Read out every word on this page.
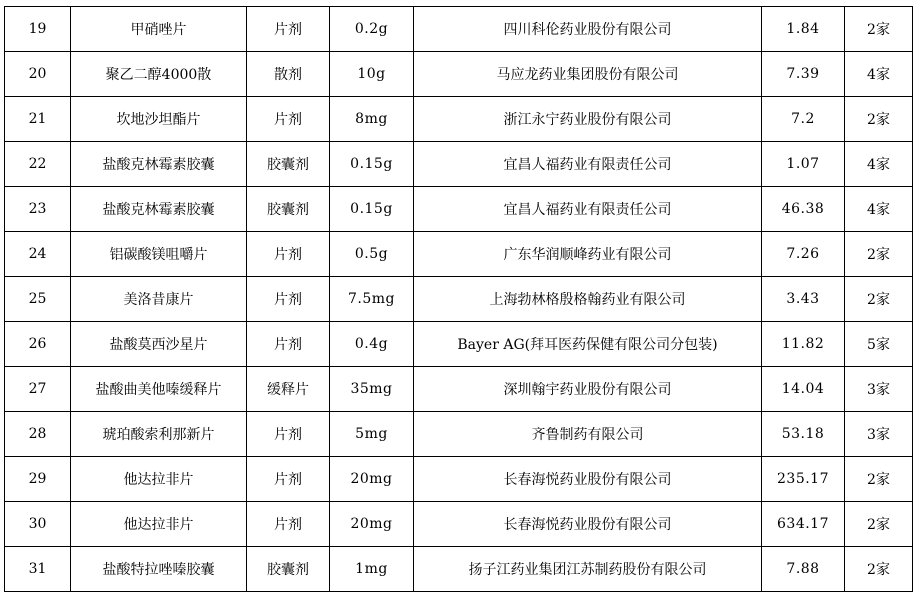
19	甲硝唑片	片剂	0.2g	四川科伦药业股份有限公司	1.84	2家
20	聚乙二醇4000散	散剂	10g	马应龙药业集团股份有限公司	7.39	4家
21	坎地沙坦酯片	片剂	8mg	浙江永宁药业股份有限公司	7.2	2家
22	盐酸克林霉素胶囊	胶囊剂	0.15g	宜昌人福药业有限责任公司	1.07	4家
23	盐酸克林霉素胶囊	胶囊剂	0.15g	宜昌人福药业有限责任公司	46.38	4家
24	铝碳酸镁咀嚼片	片剂	0.5g	广东华润顺峰药业有限公司	7.26	2家
25	美洛昔康片	片剂	7.5mg	上海勃林格殷格翰药业有限公司	3.43	2家
26	盐酸莫西沙星片	片剂	0.4g	Bayer AG(拜耳医药保健有限公司分包装)	11.82	5家
27	盐酸曲美他嗪缓释片	缓释片	35mg	深圳翰宇药业股份有限公司	14.04	3家
28	琥珀酸索利那新片	片剂	5mg	齐鲁制药有限公司	53.18	3家
29	他达拉非片	片剂	20mg	长春海悦药业股份有限公司	235.17	2家
30	他达拉非片	片剂	20mg	长春海悦药业股份有限公司	634.17	2家
31	盐酸特拉唑嗪胶囊	胶囊剂	1mg	扬子江药业集团江苏制药股份有限公司	7.88	2家
